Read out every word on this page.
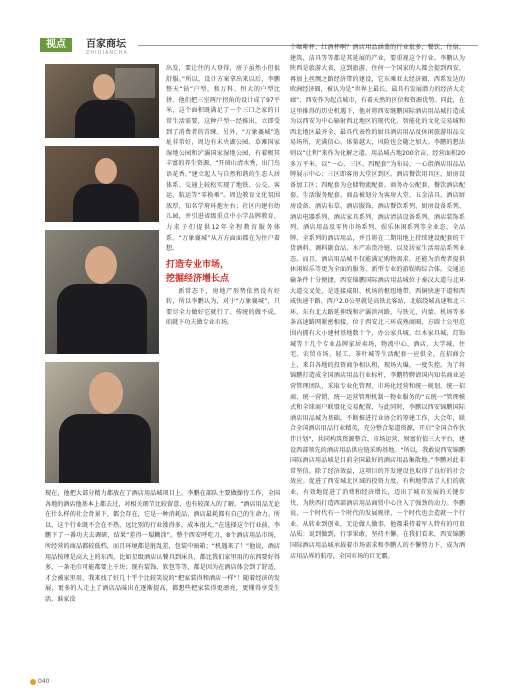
视点	百家商坛
ZHIDIANCHA

出发，要让住的人登得，房子虽然小但很舒服。”所以，设计方案拿出来以后，李鹏整天“钻”户型，和万科、恒大的户型比拼。他们把三室两厅拐角的设计成了97平米，这个面积既满足了一个三口之家的日常生活需要，这种户型一经推出，立即受到了消费者的青睐。另外，“万象襄城”选址非常好，周边有未央湖公园、草滩国家湿地公园和浐灞国家湿地公园，有着极其丰富的养生资源，“开窗山清水秀，出门鸟语花香。”建立起人与自然和谐的生态人居体系。交通上较松实现了地铁、公交、客运、航运等“零换乘”。周边教育文化氛围浓厚，知名学府环抱左右；社区内建有幼儿园，并引进省级重点中小学品牌教育，力求子们提供12年全程教育服务体系。“万象襄城”从方方面面都在为住户着想。

打造专业市场，
挖掘经济增长点

新常态下，房地产形势依然没有好转，所以李鹏认为，对于“万象襄城”，只要尽全力做好它就行了。传统的做不成，咱就下功夫做专业市场。

现在，他把大部分精力都放在了酒店用品城项目上。李鹏在部队主要做操待工作，全国各地的酒店他基本上都去过，对相关细节比较留意，也有较深入的了解。“酒店用品无论在什么样的社会背景下，都会存在，它是一种消耗品，酒店最耗都有自己的生命力。所以，这个行业既不会在不热，远比别的行业涨得多，成本很大。”在选择这个行业前，李鹏下了一番功夫去调研，结果“差得一塌糊涂”。整个西安呼吃刀，8个酒店用品市场，所经营的商品都较低档，而且环境都是脏乱差，包装中暗箱；“机遇来了！”他说，酒店用品按理是高大上的东西，比如星级酒店认餐具到床具，都比我们家里用的东西要好得多，一条毛巾可能都要上千块；现有装饰、软包等等，都是因为在酒店体会到了舒适，才会被家里用，我来找了好几十乎个比较笑说的“把家装得和酒店一样”！随着经济的发展，更多的人走上了酒店品味出在逐渐提高，都想些把家装得更漂亮，更懂得享受生活，谁家没

个咖啡杯、红酒杯啊？酒店用品涵盖的行业很多，餐饮、住宿、建筑、洁具等等都是其延展的产业，要重视这个行业。李鹏认为陕西是旅游大省，这到旅游，住何一个国家的人都会提到西安，再加上丝绸之路经济带的建设，它东乘亚太经济圈，西系发达的欧洲经济圈，被认为是“世界上最长、最具有发展潜力的经济大走廊”，西安作为起点城市，有着天然的区位和资源优势。同此，在这里推得的历史机遇下，他对将西安继鹏国际酒店用品城打造成为以西安为中心辐射西北地区的现代化、智能化的文化交易城和西北地区最齐全、最具代表性的厨具酒店用品及休闲旅游用品交易场所，充满信心。体量越大，风险也会随之加大。李鹏的想法则以“让利”来作为化解之道。用品城占地200余亩，经营面积20多万平米，以“一心、三区、四配套”为布局，一心指酒店用品品牌展示中心；三区即客房大堂区到区、酒店餐饮用具区、厨房设备加工区；四配套为仓储物流配套、商务办公配套、餐饮酒店配套、生活服务配套。商品被划分为客房大堂、五金洁具、酒店厨房设备、酒店布草、酒店服饰、酒店餐饮系列、厨房设备系列、酒店电器系列、酒店家具系列、酒店清洁设备系列、酒店装饰系列、酒店用品及零售市场系列、娱乐休闲系列等全业态、全品牌、全系列的酒店用品，并且将在二期用地上持续建设配套的干货酒料、调料副食品、水产冻货冷链，以及居家生活用品系列业态。而且，酒店用品城不仅能满足购物需求，还能为消费者提供休闲娱乐等更为全面的服务，新型专业的游娱购综合体。交通运输条件十分便捷，西安锦鹏国际酒店用品城位于秦汉大道与北环大道交叉处，是连接咸阳、机场的枢纽地带，西铜快速干道和西咸快速干路、西户2.0公里就是高铁北客站，北临绕城高速和北三环，东有北大路延伸线和浐灞滨河路，与铁元、内蒙、机场等多条高速路网紧密相接。位于西安北三环成熟商圈，方圆十公里范围内拥有大小建材基地数十个，办公家具城、红木家具城、灯饰城等十几个专业品牌家居卖场，物流中心、酒店、大学城、住宅、农贸市场、轻工、茶叶城等生活配套一应俱全，在招商会上，来自各地的投资商争相认租，现场火爆，一度失控。为了将锦鹏打造成全国酒店用品行业标杆，李鹏特聘请国内知名商业运营管理团队，采取专业化管理、市场化经营和统一规划、统一招商、统一营销、统一运营管理机制一物业服务的“五统一”管理模式和全球商户联盟化交易配置，与此同时，李鹏以西安锦鹏国际酒店用品城为基础，不断推进行业协会的筹建工作，大会年，联合全国酒店用品行业精英，充分整合渠道资源，开启“全国合作伙伴计划”，共同构筑资源整合、市场运营、财富价值三大平台，建设西部领先的酒店用品供应链采购基地。“所以，我敢说西安锦鹏国际酒店用品城是目前全国最好的酒店用品集散地。”李鹏对此非常坚信。除了经济效益，这项目的开发建设也取得了良好的社会效应。促进了西安城北区域的投资力度，有利地带活了人们的就业，有效地促进了消费和经济增长，迈出了城市发展的关键步伐，为陕西打造西部酒店用品商贸中心注入了强劲的动力。李鹏说，一个时代有一个时代的发展规律，一个时代也会造就一个行业。从转业到创业，无论做人做事，他都秉持着军人特有的可贵品质：说到做到，行事果敢，坚持不懈。在我们看来，西安锦鹏国际酒店用品城承载着市场需求和李鹏人的不懈努力下，成为酒店用品界的航母，全国市场的巨无霸。

040
